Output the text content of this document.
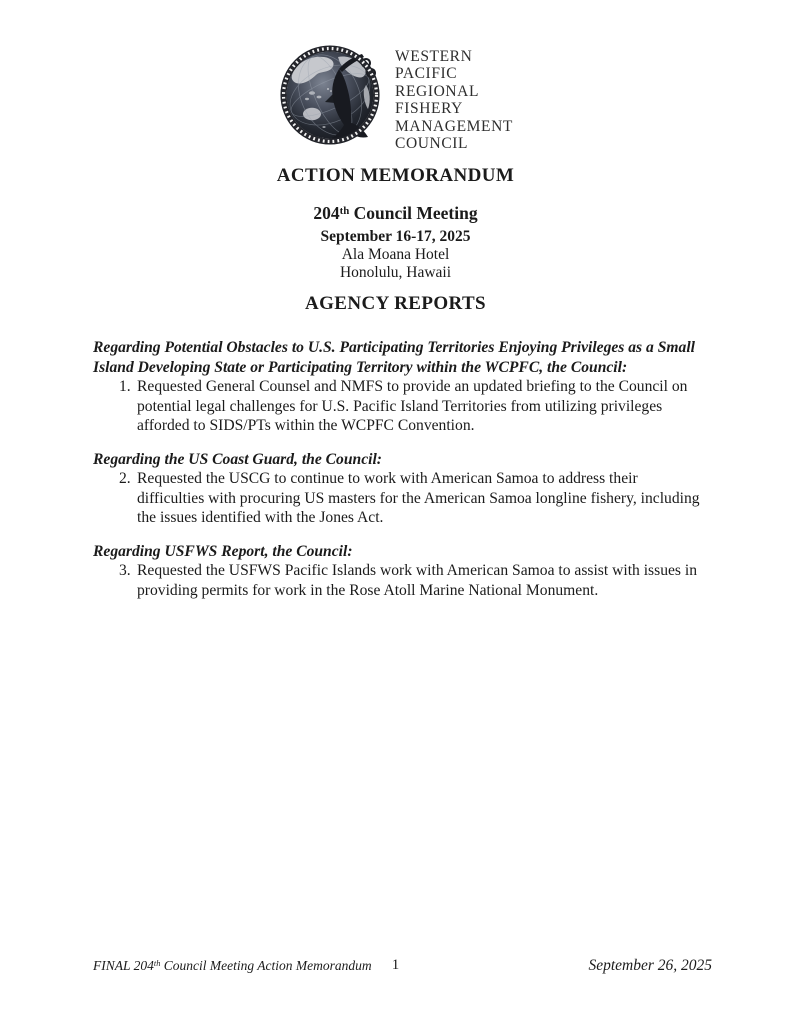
WESTERN
PACIFIC
REGIONAL
FISHERY
MANAGEMENT
COUNCIL
ACTION MEMORANDUM
204th Council Meeting
September 16-17, 2025
Ala Moana Hotel
Honolulu, Hawaii
AGENCY REPORTS
Regarding Potential Obstacles to U.S. Participating Territories Enjoying Privileges as a Small Island Developing State or Participating Territory within the WCPFC, the Council:
1. Requested General Counsel and NMFS to provide an updated briefing to the Council on potential legal challenges for U.S. Pacific Island Territories from utilizing privileges afforded to SIDS/PTs within the WCPFC Convention.
Regarding the US Coast Guard, the Council:
2. Requested the USCG to continue to work with American Samoa to address their difficulties with procuring US masters for the American Samoa longline fishery, including the issues identified with the Jones Act.
Regarding USFWS Report, the Council:
3. Requested the USFWS Pacific Islands work with American Samoa to assist with issues in providing permits for work in the Rose Atoll Marine National Monument.
FINAL 204th Council Meeting Action Memorandum	1	September 26, 2025
